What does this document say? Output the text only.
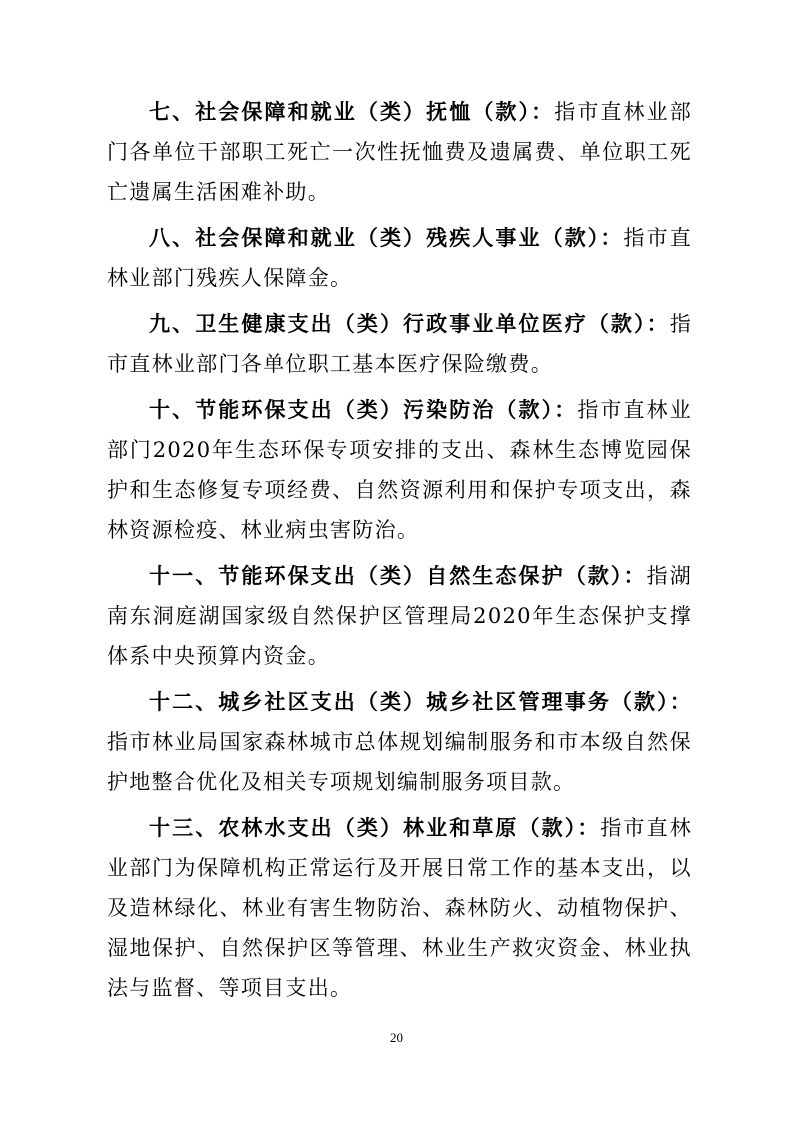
七、社会保障和就业（类）抚恤（款）：指市直林业部门各单位干部职工死亡一次性抚恤费及遗属费、单位职工死亡遗属生活困难补助。

八、社会保障和就业（类）残疾人事业（款）：指市直林业部门残疾人保障金。

九、卫生健康支出（类）行政事业单位医疗（款）：指市直林业部门各单位职工基本医疗保险缴费。

十、节能环保支出（类）污染防治（款）：指市直林业部门2020年生态环保专项安排的支出、森林生态博览园保护和生态修复专项经费、自然资源利用和保护专项支出，森林资源检疫、林业病虫害防治。

十一、节能环保支出（类）自然生态保护（款）：指湖南东洞庭湖国家级自然保护区管理局2020年生态保护支撑体系中央预算内资金。

十二、城乡社区支出（类）城乡社区管理事务（款）：指市林业局国家森林城市总体规划编制服务和市本级自然保护地整合优化及相关专项规划编制服务项目款。

十三、农林水支出（类）林业和草原（款）：指市直林业部门为保障机构正常运行及开展日常工作的基本支出，以及造林绿化、林业有害生物防治、森林防火、动植物保护、湿地保护、自然保护区等管理、林业生产救灾资金、林业执法与监督、等项目支出。

20
